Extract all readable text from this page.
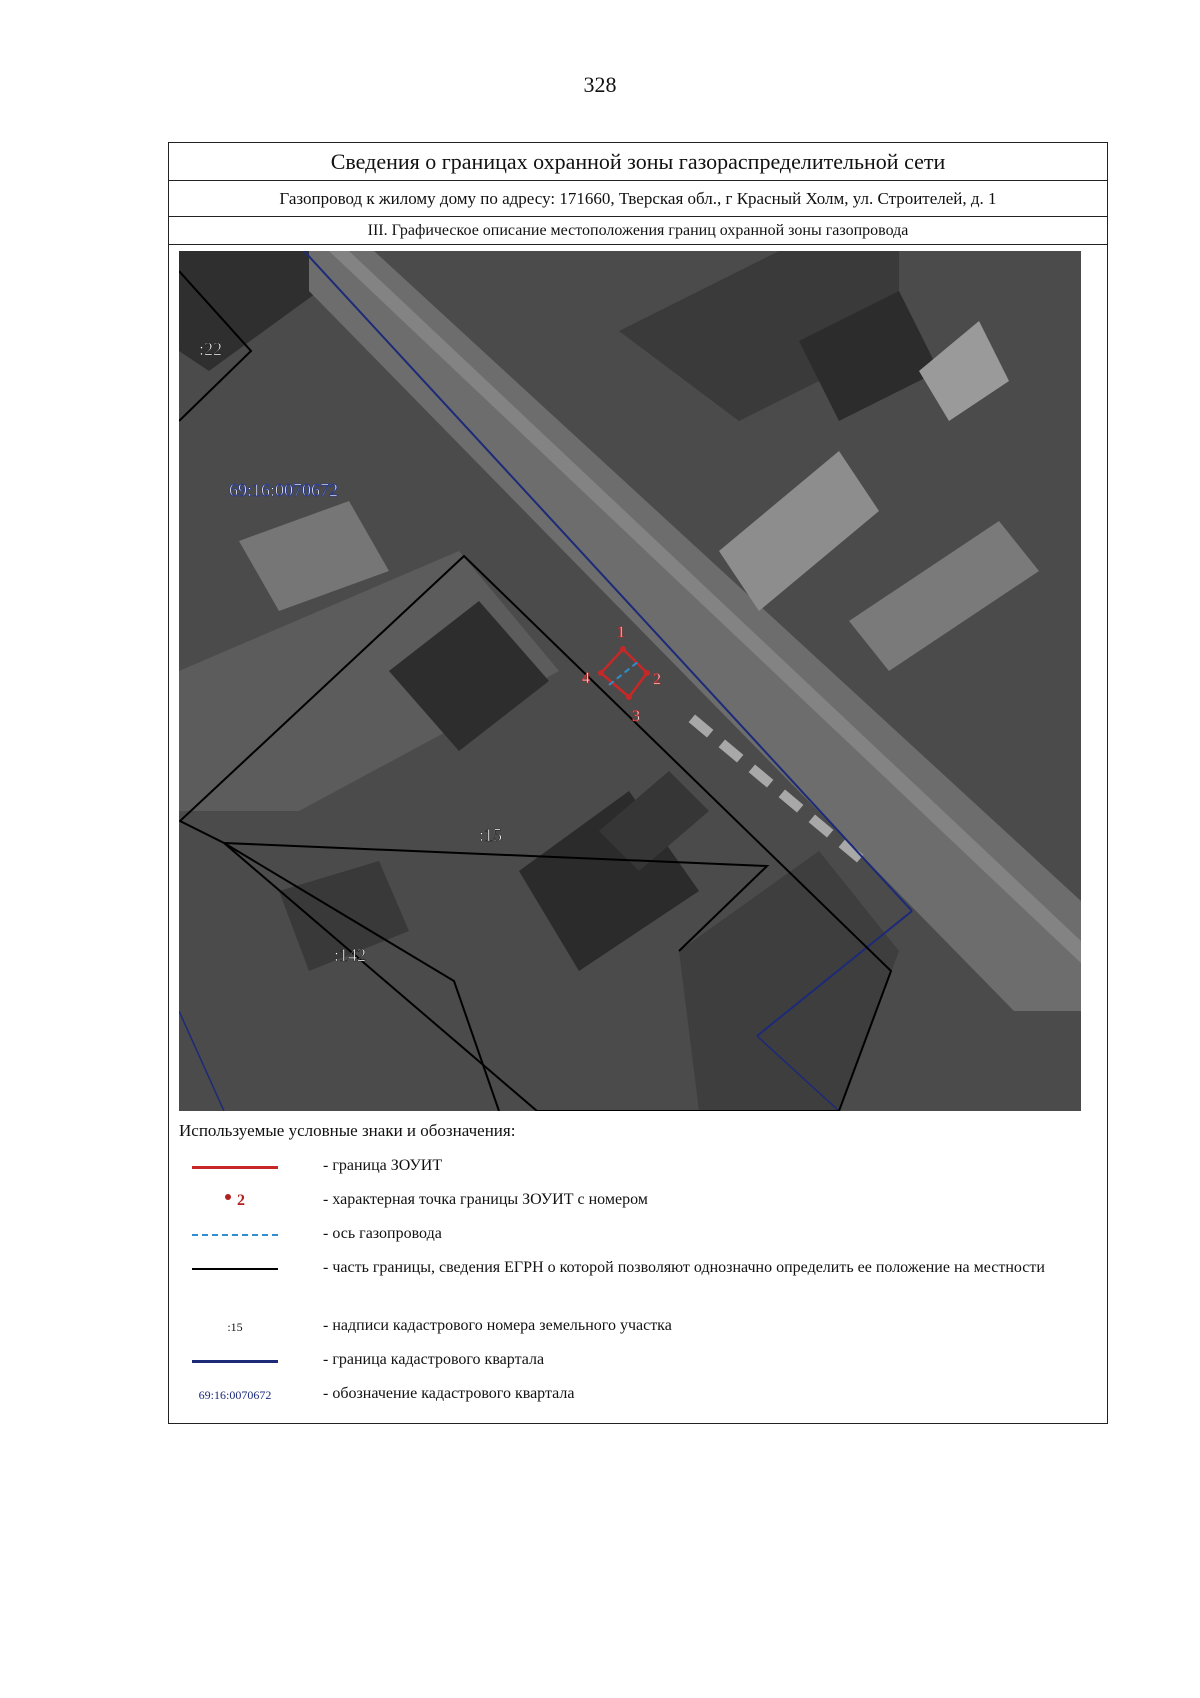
328
Сведения о границах охранной зоны газораспределительной сети
Газопровод к жилому дому по адресу: 171660, Тверская обл., г Красный Холм, ул. Строителей, д. 1
III. Графическое описание местоположения границ охранной зоны газопровода
1
2
3
4
69:16:0070672
:22
:15
:142
Используемые условные знаки и обозначения:
- граница ЗОУИТ
2	- характерная точка границы ЗОУИТ с номером
- ось газопровода
- часть границы, сведения ЕГРН о которой позволяют однозначно определить ее положение на местности
:15	- надписи кадастрового номера земельного участка
- граница кадастрового квартала
69:16:0070672	- обозначение кадастрового квартала
